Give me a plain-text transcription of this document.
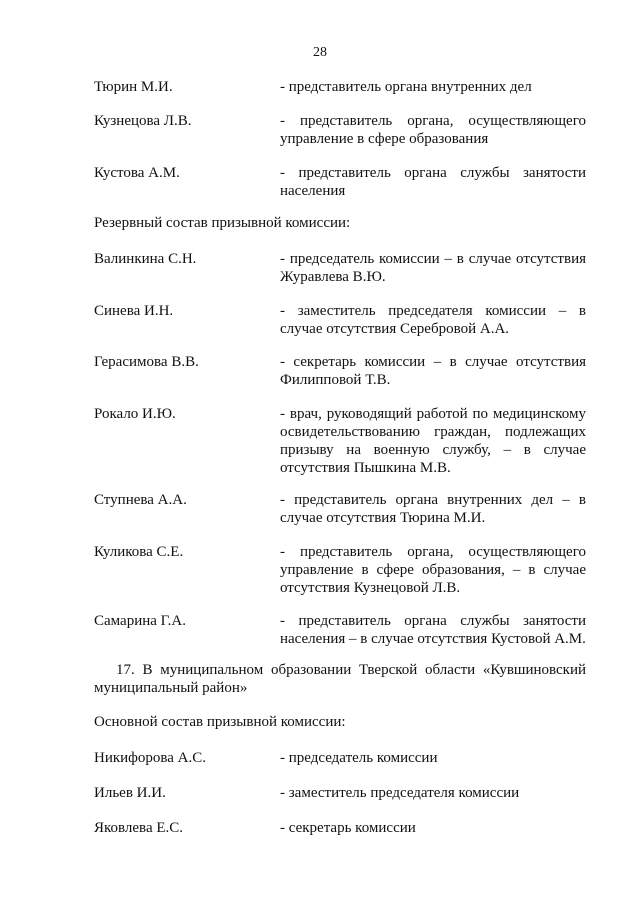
28
Тюрин М.И.	- представитель органа внутренних дел
Кузнецова Л.В.	- представитель органа, осуществляющего управление в сфере образования
Кустова А.М.	- представитель органа службы занятости населения
Резервный состав призывной комиссии:
Валинкина С.Н.	- председатель комиссии – в случае отсутствия Журавлева В.Ю.
Синева И.Н.	- заместитель председателя комиссии – в случае отсутствия Серебровой А.А.
Герасимова В.В.	- секретарь комиссии – в случае отсутствия Филипповой Т.В.
Рокало И.Ю.	- врач, руководящий работой по медицинскому освидетельствованию граждан, подлежащих призыву на военную службу, – в случае отсутствия Пышкина М.В.
Ступнева А.А.	- представитель органа внутренних дел – в случае отсутствия Тюрина М.И.
Куликова С.Е.	- представитель органа, осуществляющего управление в сфере образования, – в случае отсутствия Кузнецовой Л.В.
Самарина Г.А.	- представитель органа службы занятости населения – в случае отсутствия Кустовой А.М.
17. В муниципальном образовании Тверской области «Кувшиновский муниципальный район»
Основной состав призывной комиссии:
Никифорова А.С.	- председатель комиссии
Ильев И.И.	- заместитель председателя комиссии
Яковлева Е.С.	- секретарь комиссии
